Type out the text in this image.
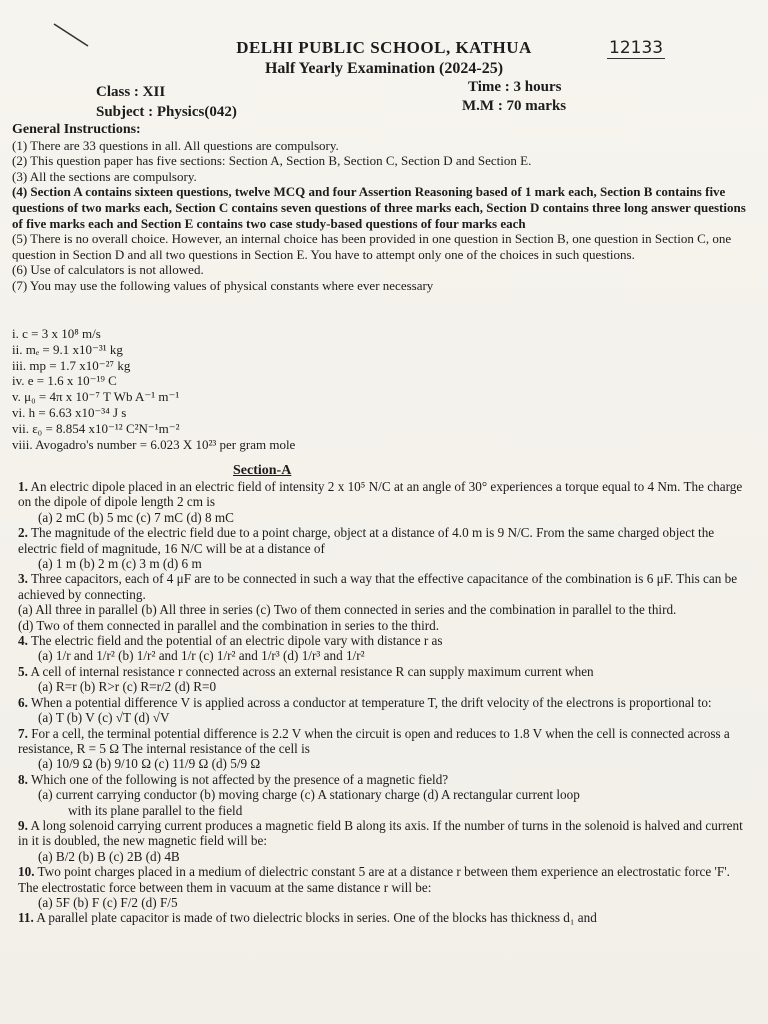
DELHI PUBLIC SCHOOL, KATHUA
Half Yearly Examination (2024-25)
12133
Class : XII
Subject : Physics(042)
Time : 3 hours
M.M : 70 marks
General Instructions:

(1) There are 33 questions in all. All questions are compulsory.

(2) This question paper has five sections: Section A, Section B, Section C, Section D and Section E.

(3) All the sections are compulsory.

(4) Section A contains sixteen questions, twelve MCQ and four Assertion Reasoning based of 1 mark each, Section B contains five questions of two marks each, Section C contains seven questions of three marks each, Section D contains three long answer questions of five marks each and Section E contains two case study-based questions of four marks each

(5) There is no overall choice. However, an internal choice has been provided in one question in Section B, one question in Section C, one question in Section D and all two questions in Section E. You have to attempt only one of the choices in such questions.

(6) Use of calculators is not allowed.

(7) You may use the following values of physical constants where ever necessary

i. c = 3 x 10⁸ m/s
ii. mₑ = 9.1 x10⁻³¹ kg
iii. mp = 1.7 x10⁻²⁷ kg
iv. e = 1.6 x 10⁻¹⁹ C
v. μ₀ = 4π x 10⁻⁷ T Wb A⁻¹ m⁻¹
vi. h = 6.63 x10⁻³⁴ J s
vii. ε₀ = 8.854 x10⁻¹² C²N⁻¹m⁻²
viii. Avogadro's number = 6.023 X 10²³ per gram mole
Section-A
1. An electric dipole placed in an electric field of intensity 2 x 10⁵ N/C at an angle of 30° experiences a torque equal to 4 Nm. The charge on the dipole of dipole length 2 cm is
(a) 2 mC (b) 5 mc (c) 7 mC (d) 8 mC
2. The magnitude of the electric field due to a point charge, object at a distance of 4.0 m is 9 N/C. From the same charged object the electric field of magnitude, 16 N/C will be at a distance of
(a) 1 m (b) 2 m (c) 3 m (d) 6 m
3. Three capacitors, each of 4 μF are to be connected in such a way that the effective capacitance of the combination is 6 μF. This can be achieved by connecting.
(a) All three in parallel (b) All three in series (c) Two of them connected in series and the combination in parallel to the third.
(d) Two of them connected in parallel and the combination in series to the third.
4. The electric field and the potential of an electric dipole vary with distance r as
(a) 1/r and 1/r² (b) 1/r² and 1/r (c) 1/r² and 1/r³ (d) 1/r³ and 1/r²
5. A cell of internal resistance r connected across an external resistance R can supply maximum current when
(a) R=r (b) R>r (c) R=r/2 (d) R=0
6. When a potential difference V is applied across a conductor at temperature T, the drift velocity of the electrons is proportional to:
(a) T (b) V (c) √T (d) √V
7. For a cell, the terminal potential difference is 2.2 V when the circuit is open and reduces to 1.8 V when the cell is connected across a resistance, R = 5 Ω The internal resistance of the cell is
(a) 10/9 Ω (b) 9/10 Ω (c) 11/9 Ω (d) 5/9 Ω
8. Which one of the following is not affected by the presence of a magnetic field?
(a) current carrying conductor (b) moving charge (c) A stationary charge (d) A rectangular current loop
with its plane parallel to the field
9. A long solenoid carrying current produces a magnetic field B along its axis. If the number of turns in the solenoid is halved and current in it is doubled, the new magnetic field will be:
(a) B/2 (b) B (c) 2B (d) 4B
10. Two point charges placed in a medium of dielectric constant 5 are at a distance r between them experience an electrostatic force 'F'. The electrostatic force between them in vacuum at the same distance r will be:
(a) 5F (b) F (c) F/2 (d) F/5
11. A parallel plate capacitor is made of two dielectric blocks in series. One of the blocks has thickness d₁ and
